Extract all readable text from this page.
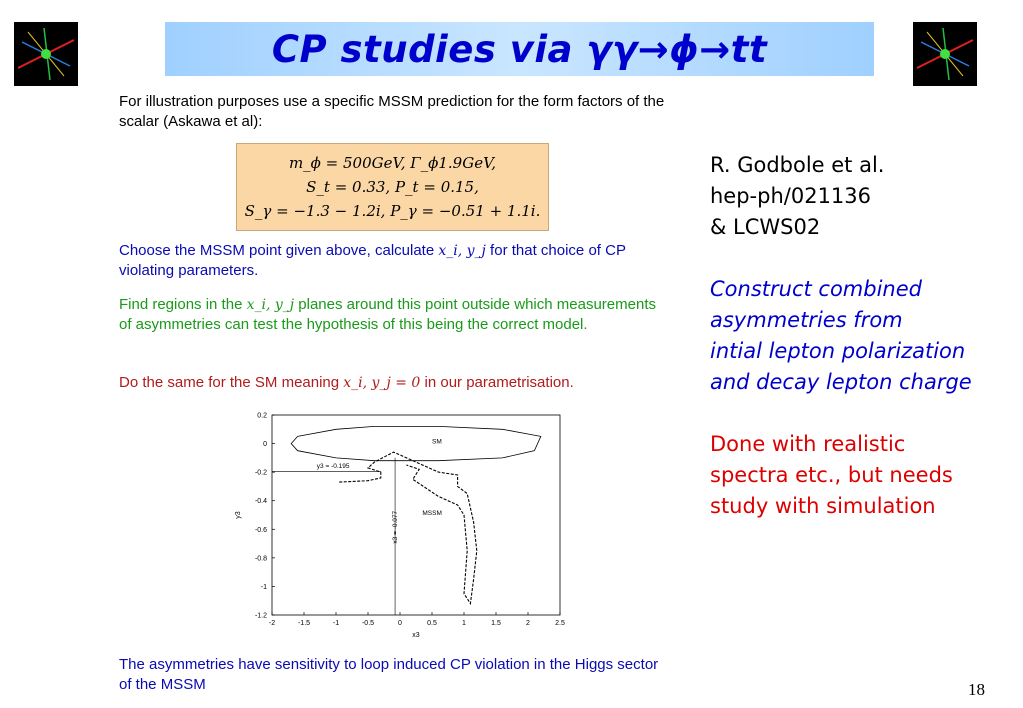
CP studies via γγ→ϕ→tt
For illustration purposes use a specific MSSM prediction for the form factors of the scalar (Askawa et al):
m_ϕ = 500GeV, Γ_ϕ1.9GeV,
S_t = 0.33, P_t = 0.15,
S_γ = −1.3 − 1.2i, P_γ = −0.51 + 1.1i.
Choose the MSSM point given above, calculate x_i, y_j for that choice of CP violating parameters.
Find regions in the x_i, y_j planes around this point outside which measurements of asymmetries can test the hypothesis of this being the correct model.
Do the same for the SM meaning x_i, y_j = 0 in our parametrisation.
-2	-1.5	-1	-0.5	0	0.5	1	1.5	2	2.5
0.2
0
-0.2
-0.4
-0.6
-0.8
-1
-1.2
x3
y3
SM
MSSM
y3 = -0.195
x3 = -0.077
The asymmetries have sensitivity to loop induced CP violation in the Higgs sector of the MSSM
R. Godbole et al.
hep-ph/021136
& LCWS02
Construct combined
asymmetries from
intial lepton polarization
and decay lepton charge
Done with realistic
spectra etc., but needs
study with simulation
18
